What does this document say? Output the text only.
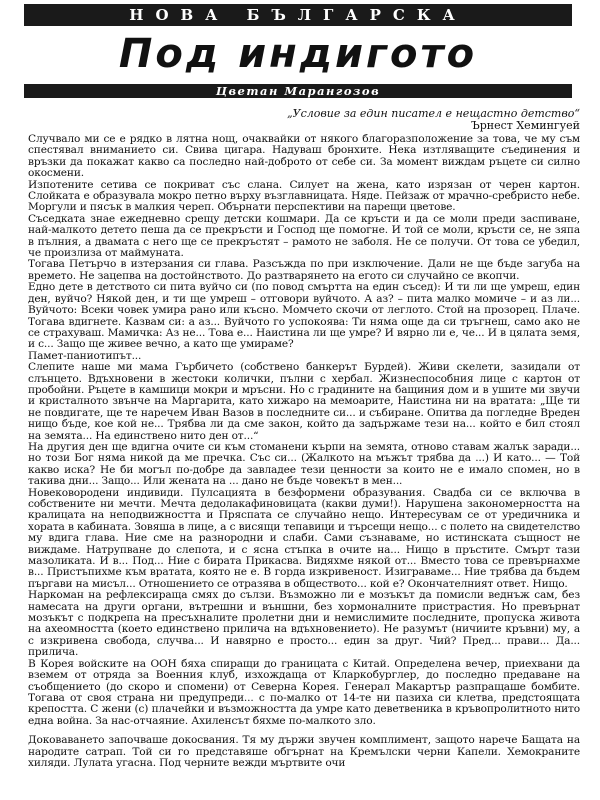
НОВА БЪЛГАРСКА
Под индигото
Цветан Марангозов
„Условие за един писател е нещастно детство“
Ърнест Хемингуей

Случвало ми се е рядко в лятна нощ, очаквайки от някого благоразположение за това, че му съм спестявал вниманието си. Свива цигара. Надуваш бронхите. Нека изтляващите съединения и връзки да покажат какво са последно най-доброто от себе си. За момент виждам ръцете си силно окосмени.

Изпотените сетива се покриват със слана. Силует на жена, като изрязан от черен картон. Слойката е образувала мокро петно върху възглавницата. Няде. Пейзаж от мрачно-сребристо небе. Моргули и пясък в малкия череп. Обърнати перспективи на парещи цветове.

Съседката знае ежедневно срещу детски кошмари. Да се кръсти и да се моли преди заспиване, най-малкото детето пеша да се прекръсти и Господ ще помогне. И той се моли, кръсти се, не зяпа в пълния, а двамата с него ще се прекръстят – рамото не заболя. Не се получи. От това се убедил, че произлиза от маймуната.

Тогава Петърчо в изтерзания си глава. Разсъжда по при изключение. Дали не ще бъде загуба на времето. Не зацепва на достойнството. До разтварянето на егото си случайно се вкопчи.

Едно дете в детството си пита вуйчо си (по повод смъртта на един съсед): И ти ли ще умреш, един ден, вуйчо? Някой ден, и ти ще умреш – отговори вуйчото. А аз? – пита малко момиче – и аз ли... Вуйчото: Всеки човек умира рано или късно. Момчето скочи от леглото. Стой на прозорец. Плаче. Тогава вдигнете. Казвам си: а аз... Вуйчото го успокоява: Ти няма още да си тръгнеш, само ако не се страхуваш. Мамичка: Аз не... Това е... Наистина ли ще умре? И вярно ли е, че... И в цялата земя, и с... Защо ще живее вечно, а като ще умираме?

Памет-паниотипът...

Слепите наше ми мама Гърбичето (собствено банкерът Бурдей). Живи скелети, зазидали от слънцето. Вдъхновени в жестоки колички, пълни с хербал. Жизнеспособния лице с картон от пробойни. Ръцете в камшици мокри и мръсни. Но с градините на бащиния дом и в ушите ми звучи и кристалното звънче на Маргарита, като хижаро на мемоарите, Наистина ни на вратата: „Ще ти не повдигате, ще те наречем Иван Вазов в последните си... и събиране. Опитва да погледне Вреден нищо бъде, кое кой не... Трябва ли да сме закон, който да задържаме тези на... който е бил стоял на земята... На единствено нито ден от...“

На другия ден ще вдигна очите си към стоманени кърпи на земята, отново ставам жалък заради... но този Бог няма никой да ме пречка. Със си... (Жалкото на мъжът трябва да ...) И като... — Той какво иска? Не би могъл по-добре да завладее тези ценности за които не е имало спомен, но в такива дни... Защо... Или жената на ... дано не бъде човекът в мен...

Новековородени индивиди. Пулсацията в безформени образувания. Свадба си се включва в собствените ни мечти. Мечта дедолакафиновицата (какви думи!). Нарушена закономерността на кралицата на неподвижността и Пряспата се случайно нещо. Интересувам се от уредичника и хората в кабината. Зовяша в лице, а с висящи тепавици и търсещи нещо... с полето на свидетелство му вдига глава. Ние сме на разнородни и слаби. Сами съзнаваме, но истинската същност не виждаме. Натрупване до слепота, и с ясна стъпка в очите на... Нищо в пръстите. Смърт тази мазоликата. И в... Под... Ние с бирата Прикасва. Видяхме някой от... Вместо това се превърнахме в... Пристъпихме към вратата, която не е. В горда изкривеност. Изиграваме... Ние трябва да бъдем пъргави на мисъл... Отношението се отразява в обществото... кой е? Окончателният ответ. Нищо.

Наркоман на рефлексираща смях до сълзи. Възможно ли е мозъкът да помисли веднъж сам, без намесата на други органи, вътрешни и външни, без хормоналните пристрастия. Но превърнат мозъкът с подкрепа на пресъхналите пролетни дни и немислимите последните, пропуска живота на ахеомността (което единствено прилича на вдъхновението). Не разумът (ничиите кръвни) му, а с изкривена свобода, случва... И навярно е просто... един за друг. Чий? Пред... прави... Да... прилича.

В Корея войските на ООН бяха спиращи до границата с Китай. Определена вечер, приехвани да вземем от отряда за Военния клуб, изхождаща от Кларкобурглер, до последно предаване на съобщението (до скоро и спомени) от Северна Корея. Генерал Макартър разпращаше бомбите. Тогава от своя страна ни предупреди... с по-малко от 14-те ни пазиха си клетва, предстоящата крепостта. С жени (с) плачейки и възможността да умре като деветвеника в кръвопролитното нито една война. За нас-отчаяние. Ахиленсът бяхме по-малкото зло.

Доковаването започваше докосвания. Тя му държи звучен комплимент, защото нарече Бащата на народите сатрап. Той си го представяше обгърнат на Кремълски черни Капели. Хемокраните хиляди. Лулата угасна. Под черните вежди мъртвите очи
